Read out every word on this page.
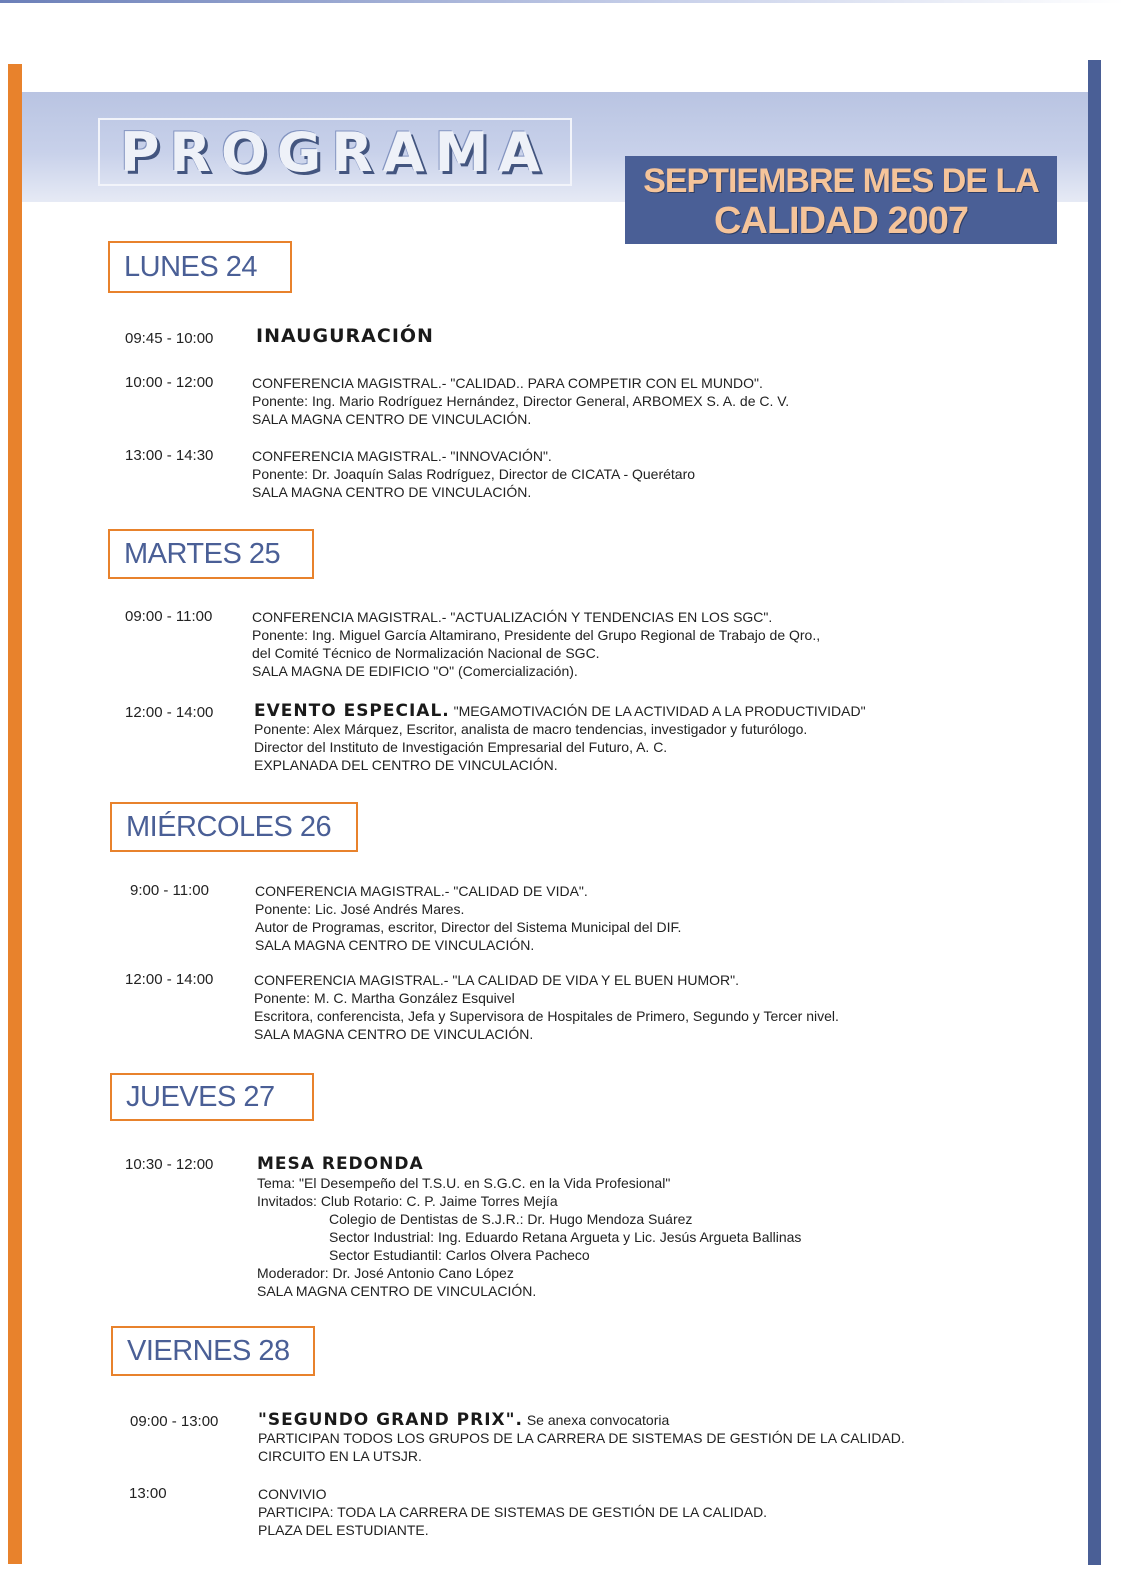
PROGRAMA	SEPTIEMBRE MES DE LA
CALIDAD 2007
LUNES 24
09:45 - 10:00 INAUGURACIÓN
10:00 - 12:00	CONFERENCIA MAGISTRAL.- "CALIDAD.. PARA COMPETIR CON EL MUNDO".
Ponente: Ing. Mario Rodríguez Hernández, Director General, ARBOMEX S. A. de C. V.
SALA MAGNA CENTRO DE VINCULACIÓN.
13:00 - 14:30	CONFERENCIA MAGISTRAL.- "INNOVACIÓN".
Ponente: Dr. Joaquín Salas Rodríguez, Director de CICATA - Querétaro
SALA MAGNA CENTRO DE VINCULACIÓN.
MARTES 25
09:00 - 11:00	CONFERENCIA MAGISTRAL.- "ACTUALIZACIÓN Y TENDENCIAS EN LOS SGC".
Ponente: Ing. Miguel García Altamirano, Presidente del Grupo Regional de Trabajo de Qro.,
del Comité Técnico de Normalización Nacional de SGC.
SALA MAGNA DE EDIFICIO "O" (Comercialización).
12:00 - 14:00 EVENTO ESPECIAL. "MEGAMOTIVACIÓN DE LA ACTIVIDAD A LA PRODUCTIVIDAD"
Ponente: Alex Márquez, Escritor, analista de macro tendencias, investigador y futurólogo.
Director del Instituto de Investigación Empresarial del Futuro, A. C.
EXPLANADA DEL CENTRO DE VINCULACIÓN.
MIÉRCOLES 26
9:00 - 11:00	CONFERENCIA MAGISTRAL.- "CALIDAD DE VIDA".
Ponente: Lic. José Andrés Mares.
Autor de Programas, escritor, Director del Sistema Municipal del DIF.
SALA MAGNA CENTRO DE VINCULACIÓN.
12:00 - 14:00	CONFERENCIA MAGISTRAL.- "LA CALIDAD DE VIDA Y EL BUEN HUMOR".
Ponente: M. C. Martha González Esquivel
Escritora, conferencista, Jefa y Supervisora de Hospitales de Primero, Segundo y Tercer nivel.
SALA MAGNA CENTRO DE VINCULACIÓN.
JUEVES 27
10:30 - 12:00	MESA REDONDA
Tema: "El Desempeño del T.S.U. en S.G.C. en la Vida Profesional"
Invitados: Club Rotario: C. P. Jaime Torres Mejía
Colegio de Dentistas de S.J.R.: Dr. Hugo Mendoza Suárez
Sector Industrial: Ing. Eduardo Retana Argueta y Lic. Jesús Argueta Ballinas
Sector Estudiantil: Carlos Olvera Pacheco
Moderador: Dr. José Antonio Cano López
SALA MAGNA CENTRO DE VINCULACIÓN.
VIERNES 28
09:00 - 13:00 "SEGUNDO GRAND PRIX". Se anexa convocatoria
PARTICIPAN TODOS LOS GRUPOS DE LA CARRERA DE SISTEMAS DE GESTIÓN DE LA CALIDAD.
CIRCUITO EN LA UTSJR.
13:00	CONVIVIO
PARTICIPA: TODA LA CARRERA DE SISTEMAS DE GESTIÓN DE LA CALIDAD.
PLAZA DEL ESTUDIANTE.
